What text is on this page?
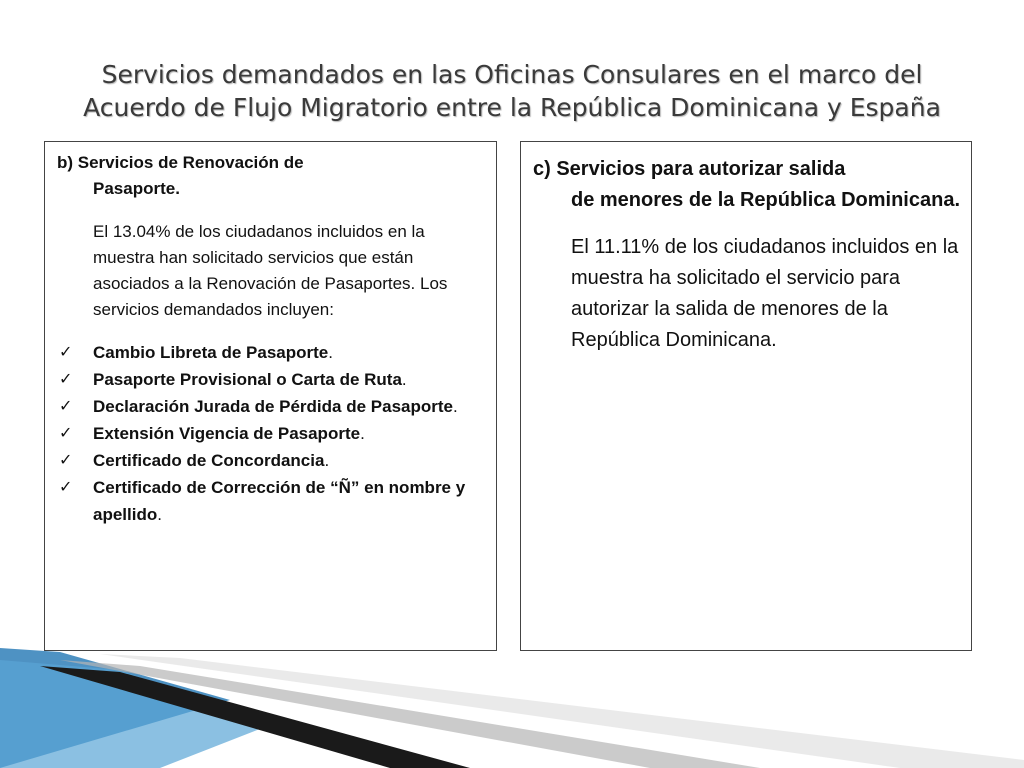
Servicios demandados en las Oficinas Consulares en el marco del
Acuerdo de Flujo Migratorio entre la República Dominicana y España
b) Servicios de Renovación de
Pasaporte.
El 13.04% de los ciudadanos incluidos en la muestra han solicitado servicios que están asociados a la Renovación de Pasaportes. Los servicios demandados incluyen:
✓ Cambio Libreta de Pasaporte.
✓ Pasaporte Provisional o Carta de Ruta.
✓ Declaración Jurada de Pérdida de Pasaporte.
✓ Extensión Vigencia de Pasaporte.
✓ Certificado de Concordancia.
✓ Certificado de Corrección de “Ñ” en nombre y apellido.
c) Servicios para autorizar salida
de menores de la República Dominicana.
El 11.11% de los ciudadanos incluidos en la muestra ha solicitado el servicio para autorizar la salida de menores de la República Dominicana.
